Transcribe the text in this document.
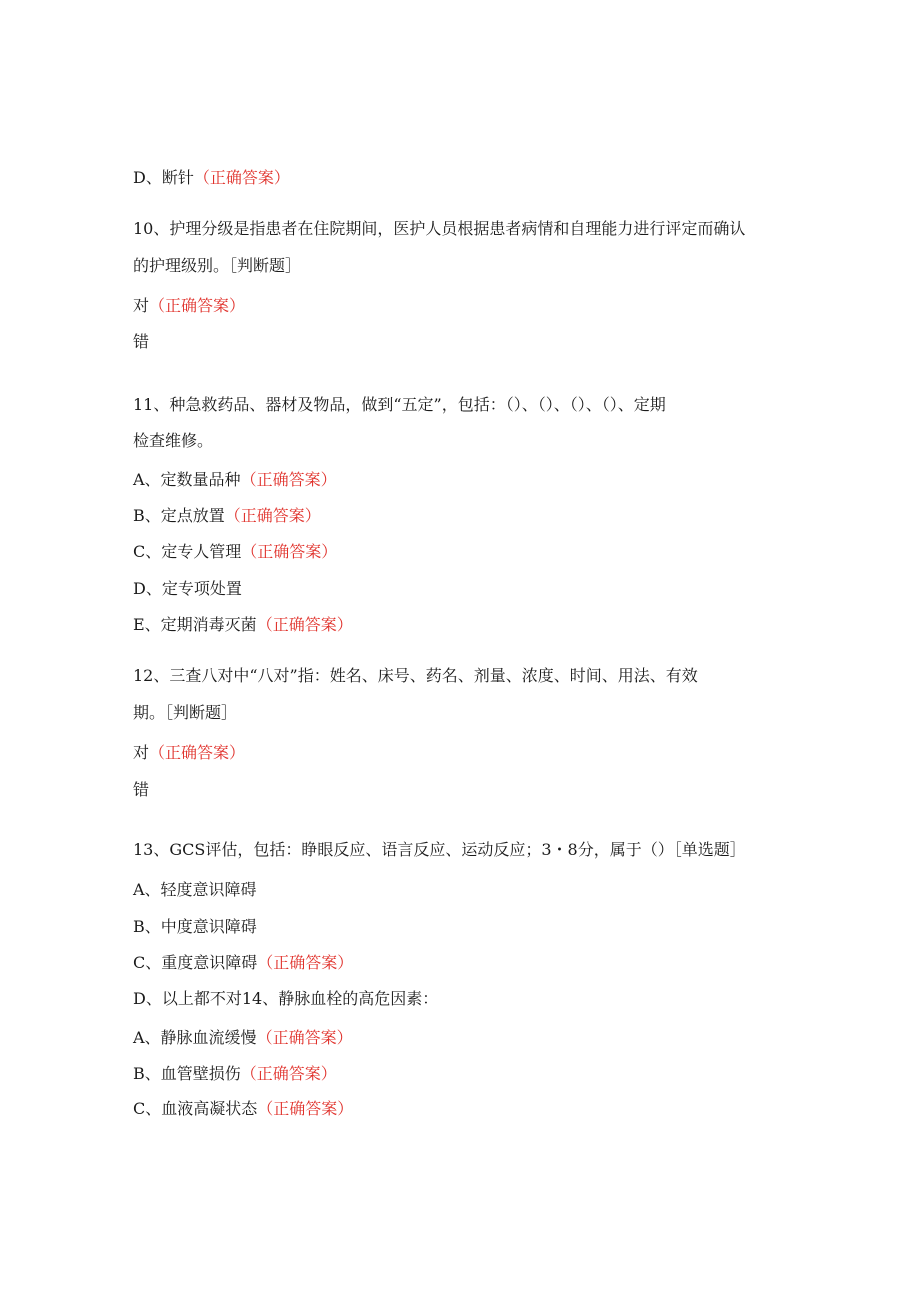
D、断针（正确答案）
10、护理分级是指患者在住院期间，医护人员根据患者病情和自理能力进行评定而确认
的护理级别。［判断题］
对（正确答案）
错
11、种急救药品、器材及物品，做到“五定”，包括：（）、（）、（）、（）、定期
检查维修。
A、定数量品种（正确答案）
B、定点放置（正确答案）
C、定专人管理（正确答案）
D、定专项处置
E、定期消毒灭菌（正确答案）
12、三查八对中“八对”指：姓名、床号、药名、剂量、浓度、时间、用法、有效
期。［判断题］
对（正确答案）
错
13、GCS评估，包括：睁眼反应、语言反应、运动反应；3・8分，属于（）［单选题］
A、轻度意识障碍
B、中度意识障碍
C、重度意识障碍（正确答案）
D、以上都不对14、静脉血栓的高危因素：
A、静脉血流缓慢（正确答案）
B、血管壁损伤（正确答案）
C、血液高凝状态（正确答案）
